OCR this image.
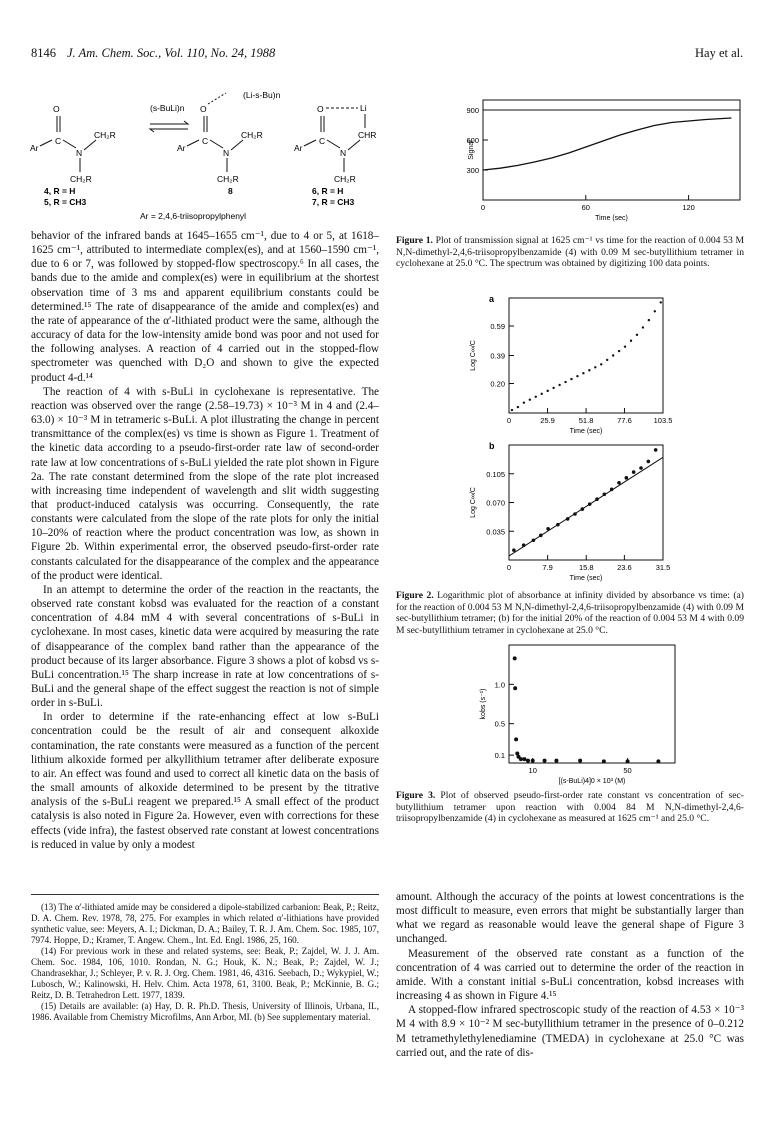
8146 J. Am. Chem. Soc., Vol. 110, No. 24, 1988	Hay et al.
(Li-s-Bu)n
(s-BuLi)n
O
C
Ar	N
CH₂R
CH₂R
O
C
Ar	N
CH₂R
CH₂R
O	Li
C
Ar	N
CHR
CH₂R
4, R = H
5, R = CH3
8	6, R = H
7, R = CH3
Ar = 2,4,6-triisopropylphenyl

behavior of the infrared bands at 1645–1655 cm⁻¹, due to 4 or 5, at 1618–1625 cm⁻¹, attributed to intermediate complex(es), and at 1560–1590 cm⁻¹, due to 6 or 7, was followed by stopped-flow spectroscopy.⁶ In all cases, the bands due to the amide and complex(es) were in equilibrium at the shortest observation time of 3 ms and apparent equilibrium constants could be determined.¹⁵ The rate of disappearance of the amide and complex(es) and the rate of appearance of the α′-lithiated product were the same, although the accuracy of data for the low-intensity amide bond was poor and not used for the following analyses. A reaction of 4 carried out in the stopped-flow spectrometer was quenched with D₂O and shown to give the expected product 4-d.¹⁴

The reaction of 4 with s-BuLi in cyclohexane is representative. The reaction was observed over the range (2.58–19.73) × 10⁻³ M in 4 and (2.4–63.0) × 10⁻³ M in tetrameric s-BuLi. A plot illustrating the change in percent transmittance of the complex(es) vs time is shown as Figure 1. Treatment of the kinetic data according to a pseudo-first-order rate law of second-order rate law at low concentrations of s-BuLi yielded the rate plot shown in Figure 2a. The rate constant determined from the slope of the rate plot increased with increasing time independent of wavelength and slit width suggesting that product-induced catalysis was occurring. Consequently, the rate constants were calculated from the slope of the rate plots for only the initial 10–20% of reaction where the product concentration was low, as shown in Figure 2b. Within experimental error, the observed pseudo-first-order rate constants calculated for the disappearance of the complex and the appearance of the product were identical.

In an attempt to determine the order of the reaction in the reactants, the observed rate constant kobsd was evaluated for the reaction of a constant concentration of 4.84 mM 4 with several concentrations of s-BuLi in cyclohexane. In most cases, kinetic data were acquired by measuring the rate of disappearance of the complex band rather than the appearance of the product because of its larger absorbance. Figure 3 shows a plot of kobsd vs s-BuLi concentration.¹⁵ The sharp increase in rate at low concentrations of s-BuLi and the general shape of the effect suggest the reaction is not of simple order in s-BuLi.

In order to determine if the rate-enhancing effect at low s-BuLi concentration could be the result of air and consequent alkoxide contamination, the rate constants were measured as a function of the percent lithium alkoxide formed per alkyllithium tetramer after deliberate exposure to air. An effect was found and used to correct all kinetic data on the basis of the small amounts of alkoxide determined to be present by the titrative analysis of the s-BuLi reagent we prepared.¹⁵ A small effect of the product catalysis is also noted in Figure 2a. However, even with corrections for these effects (vide infra), the fastest observed rate constant at lowest concentrations is reduced in value by only a modest

(13) The α′-lithiated amide may be considered a dipole-stabilized carbanion: Beak, P.; Reitz, D. A. Chem. Rev. 1978, 78, 275. For examples in which related α′-lithiations have provided synthetic value, see: Meyers, A. I.; Dickman, D. A.; Bailey, T. R. J. Am. Chem. Soc. 1985, 107, 7974. Hoppe, D.; Kramer, T. Angew. Chem., Int. Ed. Engl. 1986, 25, 160.

(14) For previous work in these and related systems, see: Beak, P.; Zajdel, W. J. J. Am. Chem. Soc. 1984, 106, 1010. Rondan, N. G.; Houk, K. N.; Beak, P.; Zajdel, W. J.; Chandrasekhar, J.; Schleyer, P. v. R. J. Org. Chem. 1981, 46, 4316. Seebach, D.; Wykypiel, W.; Lubosch, W.; Kalinowski, H. Helv. Chim. Acta 1978, 61, 3100. Beak, P.; McKinnie, B. G.; Reitz, D. B. Tetrahedron Lett. 1977, 1839.

(15) Details are available: (a) Hay, D. R. Ph.D. Thesis, University of Illinois, Urbana, IL, 1986. Available from Chemistry Microfilms, Ann Arbor, MI. (b) See supplementary material.

0	60	120
300
600
900
Time (sec)
Signal
Figure 1. Plot of transmission signal at 1625 cm⁻¹ vs time for the reaction of 0.004 53 M N,N-dimethyl-2,4,6-triisopropylbenzamide (4) with 0.09 M sec-butyllithium tetramer in cyclohexane at 25.0 °C. The spectrum was obtained by digitizing 100 data points.
0	25.9	51.8	77.6	103.5
0.20
0.39
0.59
Time (sec)
Log C∞/C
a
0	7.9	15.8	23.6	31.5
0.035
0.070
0.105
Time (sec)
Log C∞/C
b
Figure 2. Logarithmic plot of absorbance at infinity divided by absorbance vs time: (a) for the reaction of 0.004 53 M N,N-dimethyl-2,4,6-triisopropylbenzamide (4) with 0.09 M sec-butyllithium tetramer; (b) for the initial 20% of the reaction of 0.004 53 M 4 with 0.09 M sec-butyllithium tetramer in cyclohexane at 25.0 °C.
10	50
0.1
0.5
1.0
[(s-BuLi)4]0 × 10³ (M)
kobs (s⁻¹)
Figure 3. Plot of observed pseudo-first-order rate constant vs concentration of sec-butyllithium tetramer upon reaction with 0.004 84 M N,N-dimethyl-2,4,6-triisopropylbenzamide (4) in cyclohexane as measured at 1625 cm⁻¹ and 25.0 °C.

amount. Although the accuracy of the points at lowest concentrations is the most difficult to measure, even errors that might be substantially larger than what we regard as reasonable would leave the general shape of Figure 3 unchanged.

Measurement of the observed rate constant as a function of the concentration of 4 was carried out to determine the order of the reaction in amide. With a constant initial s-BuLi concentration, kobsd increases with increasing 4 as shown in Figure 4.¹⁵

A stopped-flow infrared spectroscopic study of the reaction of 4.53 × 10⁻³ M 4 with 8.9 × 10⁻² M sec-butyllithium tetramer in the presence of 0–0.212 M tetramethylethylenediamine (TMEDA) in cyclohexane at 25.0 °C was carried out, and the rate of dis-
